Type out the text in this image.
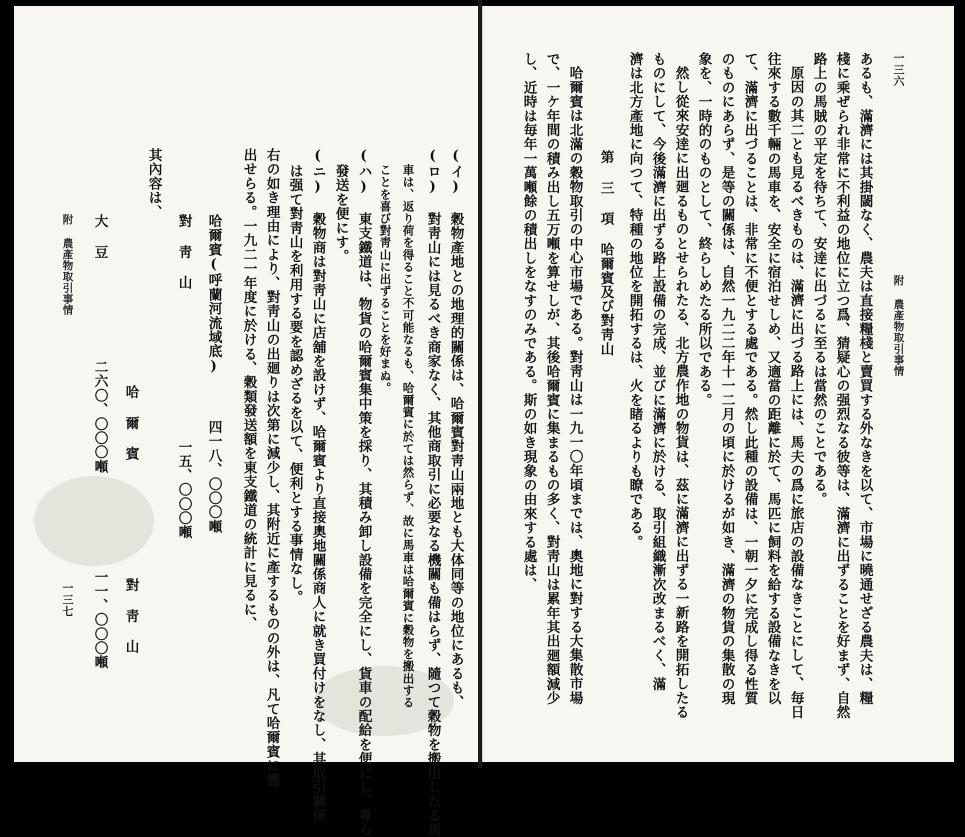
一三六
附 農產物取引事情
あるも、滿濟には其掛閾なく、農夫は直接糧棧と賣買する外なきを以て、市場に曉通せざる農夫は、糧
棧に乘ぜられ非常に不利益の地位に立つ爲、猜疑心の强烈なる彼等は、滿濟に出ずることを好まず、自然
路上の馬賊の平定を待ちて、安逹に出づるに至るは當然のことである。
原因の其二とも見るべきものは、滿濟に出づる路上には、馬夫の爲に旅店の設備なきことにして、毎日
往來する數千輛の馬車を、安全に宿泊せしめ、又適當の距離に於て、馬匹に飼料を給する設備なきを以
て、滿濟に出づることは、非常に不便とする處である。然し此種の設備は、一朝一夕に完成し得る性質
のものにあらず、是等の關係は、自然一九二二年十一二月の頃に於けるが如き、滿濟の物貨の集散の現
象を、一時的のものとして、終らしめたる所以である。
然し從來安逹に出廻るものとせられたる、北方農作地の物貨は、茲に滿濟に出ずる一新路を開拓したる
ものにして、今後滿濟に出ずる路上設備の完成、並びに滿濟に於ける、取引組織漸次改まるべく、滿
濟は北方產地に向つて、特種の地位を開拓するは、火を睹るよりも瞭である。
第 三 項 哈爾賓及び對靑山
哈爾賓は北滿の穀物取引の中心市場である。對靑山は一九一〇年頃までは、奧地に對する大集散市場
で、一ケ年間の積み出し五万噸を算せしが、其後哈爾賓に集まるもの多く、對靑山は累年其出廻額減少
し、近時は毎年一萬噸餘の積出しをなすのみである。斯の如き現象の由來する處は、
(イ) 穀物產地との地理的關係は、哈爾賓對靑山兩地とも大体同等の地位にあるも、
(ロ) 對靑山には見るべき商家なく、其他商取引に必要なる機關も備はらず、隨つて穀物を搬出したる馬
車は、返り荷を得ること不可能なるも、哈爾賓に於ては然らず、故に馬車は哈爾賓に穀物を搬出する
ことを喜び對靑山に出ずることを好まぬ。
(ハ) 東支鐵道は、物貨の哈爾賓集中策を採り、其積み卸し設備を完全にし、貨車の配給を便にし、專ら
發送を便にす。
(ニ) 穀物商は對靑山に店舖を設けず、哈爾賓より直接奧地關係商人に就き買付けをなし、其取引關係
は强て對靑山を利用する要を認めざるを以て、便利とする事情なし。
右の如き理由により、對靑山の出廻りは次第に減少し、其附近に產するものの外は、凡て哈爾賓に搬
出せらる。一九二一年度に於ける、穀類發送額を東支鐵道の統計に見るに、
哈爾賓(呼蘭河流域底)
四一八、〇〇〇噸
對 靑 山
一五、〇〇〇噸
其內容は、
哈 爾 賓
對 靑 山
大 豆
二六〇、〇〇〇噸
一一、〇〇〇噸
附 農產物取引事情
一三七
